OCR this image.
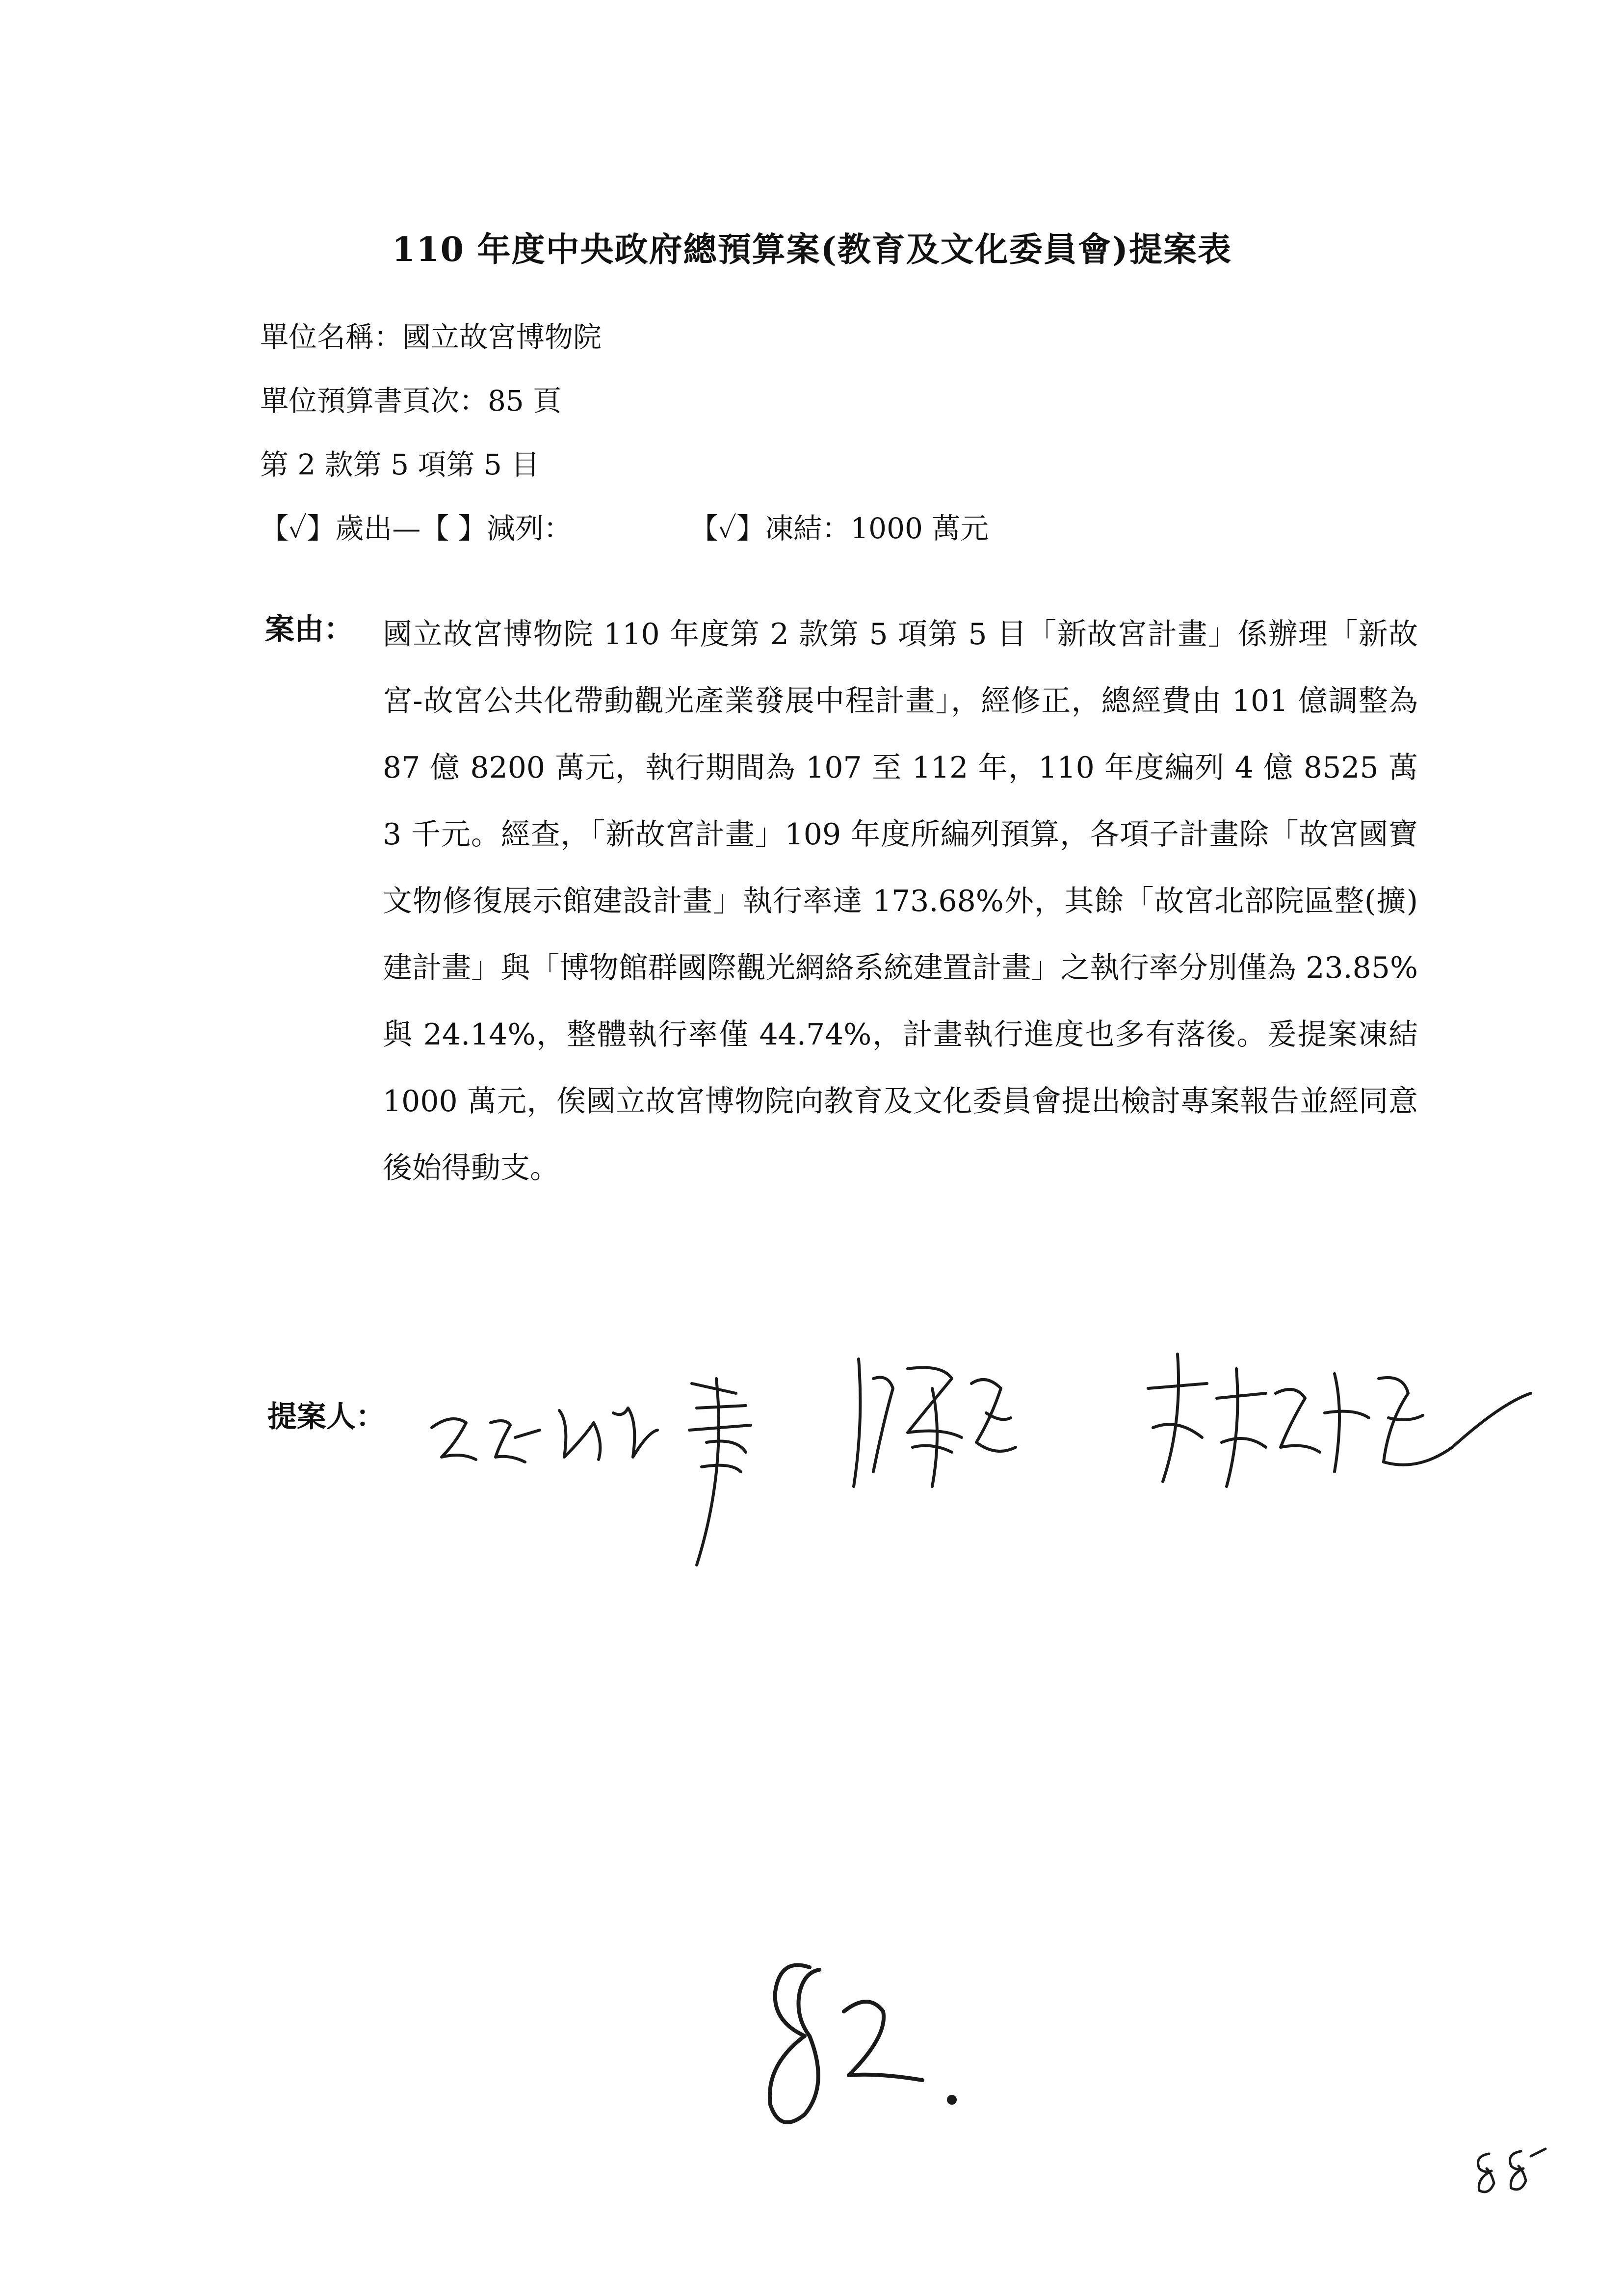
110 年度中央政府總預算案(教育及文化委員會)提案表
單位名稱：國立故宮博物院
單位預算書頁次：85 頁
第 2 款第 5 項第 5 目
【✓】歲出—【 】減列：	【✓】凍結：1000 萬元
案由： 國立故宮博物院 110 年度第 2 款第 5 項第 5 目「新故宮計畫」係辦理「新故宮-故宮公共化帶動觀光產業發展中程計畫」，經修正，總經費由 101 億調整為 87 億 8200 萬元，執行期間為 107 至 112 年，110 年度編列 4 億 8525 萬 3 千元。經查，「新故宮計畫」109 年度所編列預算，各項子計畫除「故宮國寶文物修復展示館建設計畫」執行率達 173.68%外，其餘「故宮北部院區整(擴)建計畫」與「博物館群國際觀光網絡系統建置計畫」之執行率分別僅為 23.85%與 24.14%，整體執行率僅 44.74%，計畫執行進度也多有落後。爰提案凍結 1000 萬元，俟國立故宮博物院向教育及文化委員會提出檢討專案報告並經同意後始得動支。
提案人：
